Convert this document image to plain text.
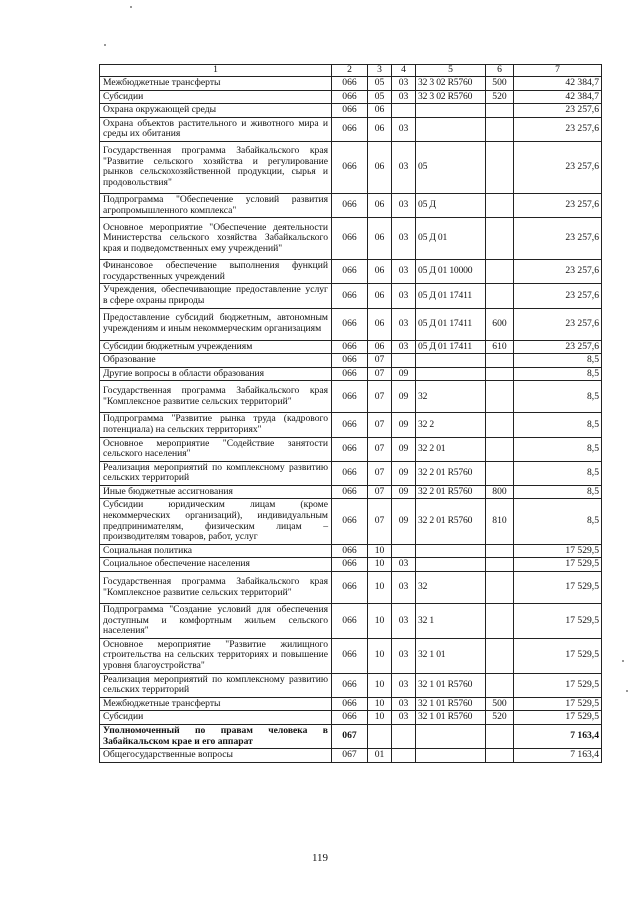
1	2	3	4	5	6	7
Межбюджетные трансферты	066	05	03	32 3 02 R5760	500	42 384,7
Субсидии	066	05	03	32 3 02 R5760	520	42 384,7
Охрана окружающей среды	066	06				23 257,6
Охрана объектов растительного и животного мира и среды их обитания	066	06	03			23 257,6
Государственная программа Забайкальского края "Развитие сельского хозяйства и регулирование рынков сельскохозяйственной продукции, сырья и продовольствия"	066	06	03	05		23 257,6
Подпрограмма "Обеспечение условий развития агропромышленного комплекса"	066	06	03	05 Д		23 257,6
Основное мероприятие "Обеспечение деятельности Министерства сельского хозяйства Забайкальского края и подведомственных ему учреждений"	066	06	03	05 Д 01		23 257,6
Финансовое обеспечение выполнения функций государственных учреждений	066	06	03	05 Д 01 10000		23 257,6
Учреждения, обеспечивающие предоставление услуг в сфере охраны природы	066	06	03	05 Д 01 17411		23 257,6
Предоставление субсидий бюджетным, автономным учреждениям и иным некоммерческим организациям	066	06	03	05 Д 01 17411	600	23 257,6
Субсидии бюджетным учреждениям	066	06	03	05 Д 01 17411	610	23 257,6
Образование	066	07				8,5
Другие вопросы в области образования	066	07	09			8,5
Государственная программа Забайкальского края "Комплексное развитие сельских территорий"	066	07	09	32		8,5
Подпрограмма "Развитие рынка труда (кадрового потенциала) на сельских территориях"	066	07	09	32 2		8,5
Основное мероприятие "Содействие занятости сельского населения"	066	07	09	32 2 01		8,5
Реализация мероприятий по комплексному развитию сельских территорий	066	07	09	32 2 01 R5760		8,5
Иные бюджетные ассигнования	066	07	09	32 2 01 R5760	800	8,5
Субсидии юридическим лицам (кроме некоммерческих организаций), индивидуальным предпринимателям, физическим лицам – производителям товаров, работ, услуг	066	07	09	32 2 01 R5760	810	8,5
Социальная политика	066	10				17 529,5
Социальное обеспечение населения	066	10	03			17 529,5
Государственная программа Забайкальского края "Комплексное развитие сельских территорий"	066	10	03	32		17 529,5
Подпрограмма "Создание условий для обеспечения доступным и комфортным жильем сельского населения"	066	10	03	32 1		17 529,5
Основное мероприятие "Развитие жилищного строительства на сельских территориях и повышение уровня благоустройства"	066	10	03	32 1 01		17 529,5
Реализация мероприятий по комплексному развитию сельских территорий	066	10	03	32 1 01 R5760		17 529,5
Межбюджетные трансферты	066	10	03	32 1 01 R5760	500	17 529,5
Субсидии	066	10	03	32 1 01 R5760	520	17 529,5
Уполномоченный по правам человека в Забайкальском крае и его аппарат	067					7 163,4
Общегосударственные вопросы	067	01				7 163,4
119
